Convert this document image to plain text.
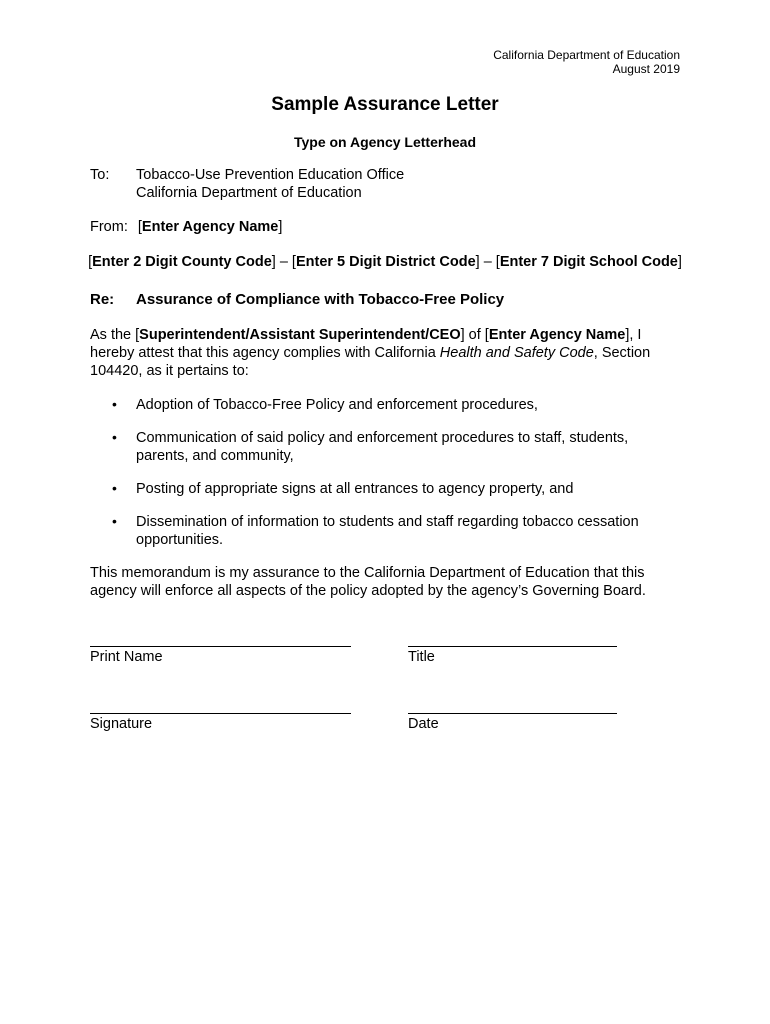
California Department of Education
August 2019
Sample Assurance Letter
Type on Agency Letterhead
To: Tobacco-Use Prevention Education Office
California Department of Education
From: [Enter Agency Name]
[Enter 2 Digit County Code] – [Enter 5 Digit District Code] – [Enter 7 Digit School Code]
Re: Assurance of Compliance with Tobacco-Free Policy
As the [Superintendent/Assistant Superintendent/CEO] of [Enter Agency Name], I
hereby attest that this agency complies with California Health and Safety Code, Section
104420, as it pertains to:
• Adoption of Tobacco-Free Policy and enforcement procedures,
• Communication of said policy and enforcement procedures to staff, students,
parents, and community,
• Posting of appropriate signs at all entrances to agency property, and
• Dissemination of information to students and staff regarding tobacco cessation
opportunities.
This memorandum is my assurance to the California Department of Education that this
agency will enforce all aspects of the policy adopted by the agency’s Governing Board.
Print Name	Title
Signature	Date
